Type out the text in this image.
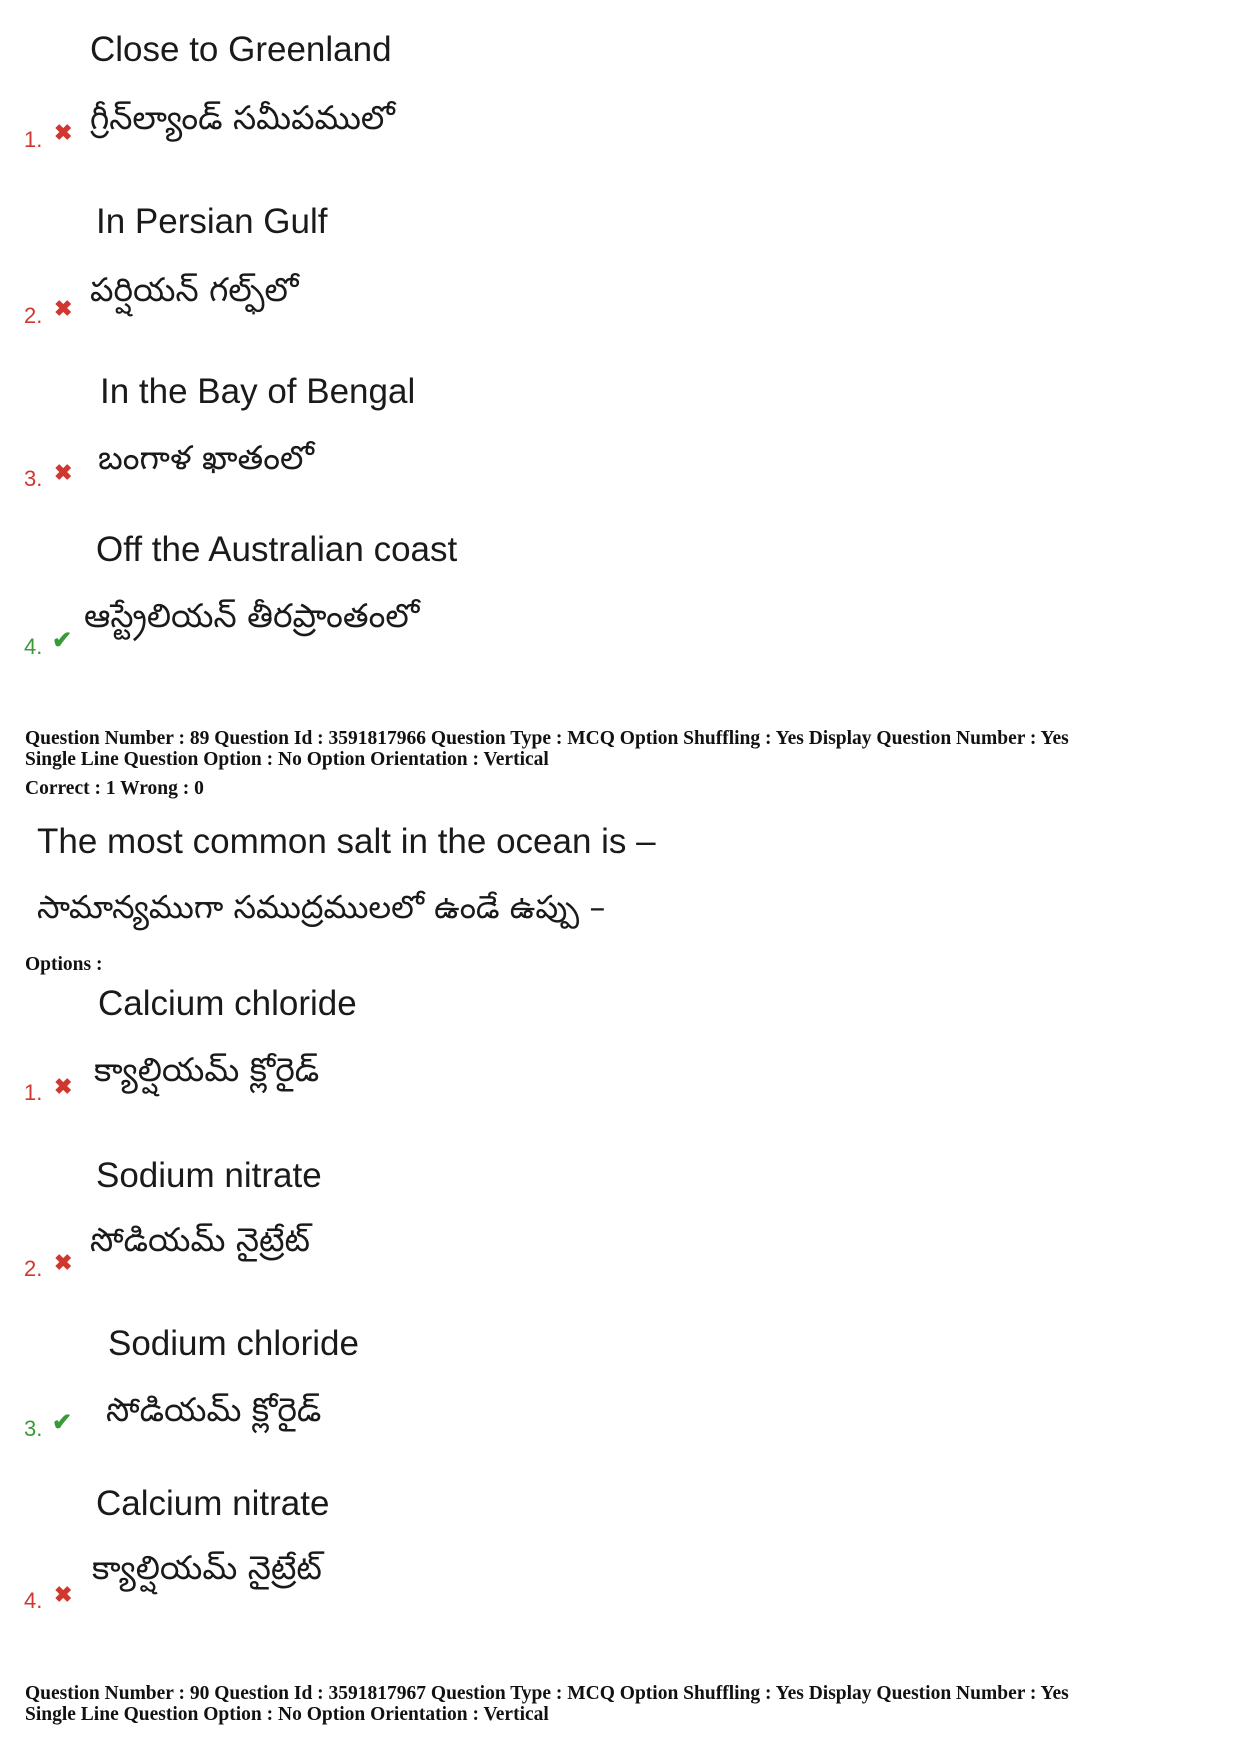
Close to Greenland
గ్రీన్‌ల్యాండ్ సమీపములో
1. ✖
In Persian Gulf
పర్షియన్ గల్ఫ్‌లో
2. ✖
In the Bay of Bengal
బంగాళ ఖాతంలో
3. ✖
Off the Australian coast
ఆస్ట్రేలియన్ తీరప్రాంతంలో
4. ✔
Question Number : 89 Question Id : 3591817966 Question Type : MCQ Option Shuffling : Yes Display Question Number : Yes
Single Line Question Option : No Option Orientation : Vertical
Correct : 1 Wrong : 0
The most common salt in the ocean is –
సామాన్యముగా సముద్రములలో ఉండే ఉప్పు –
Options :
Calcium chloride
క్యాల్షియమ్ క్లోరైడ్
1. ✖
Sodium nitrate
సోడియమ్ నైట్రేట్
2. ✖
Sodium chloride
సోడియమ్ క్లోరైడ్
3. ✔
Calcium nitrate
క్యాల్షియమ్ నైట్రేట్
4. ✖
Question Number : 90 Question Id : 3591817967 Question Type : MCQ Option Shuffling : Yes Display Question Number : Yes
Single Line Question Option : No Option Orientation : Vertical
